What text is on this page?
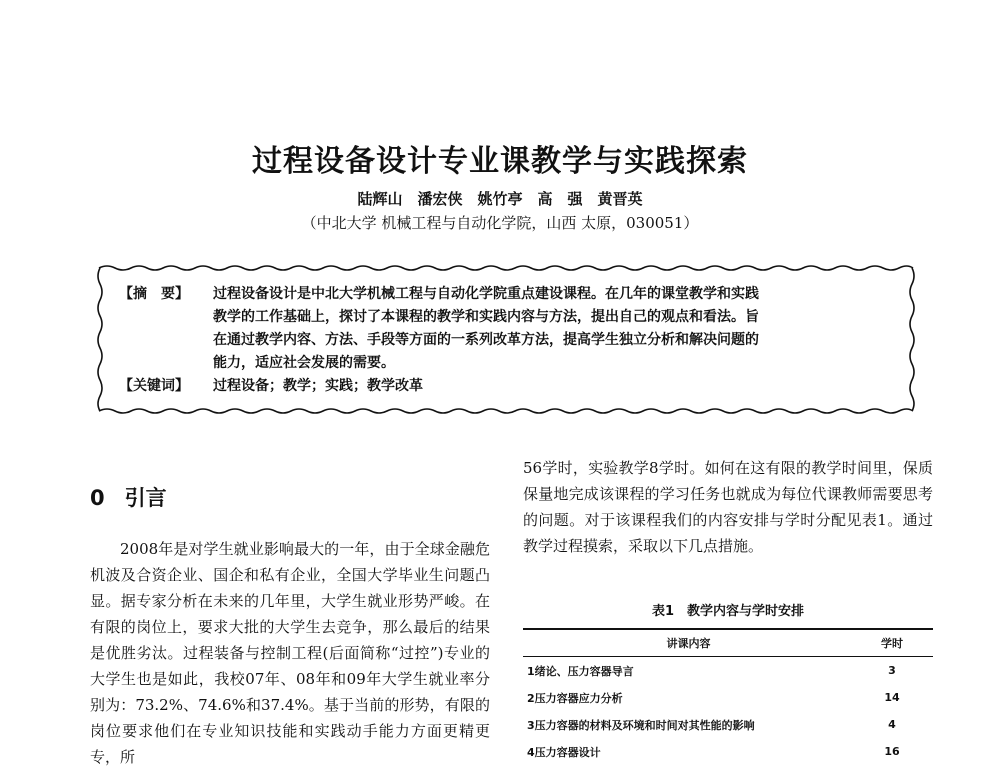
过程设备设计专业课教学与实践探索
陆辉山　潘宏侠　姚竹亭　高　强　黄晋英
（中北大学 机械工程与自动化学院，山西 太原，030051）
【摘　要】 过程设备设计是中北大学机械工程与自动化学院重点建设课程。在几年的课堂教学和实践
教学的工作基础上，探讨了本课程的教学和实践内容与方法，提出自己的观点和看法。旨
在通过教学内容、方法、手段等方面的一系列改革方法，提高学生独立分析和解决问题的
能力，适应社会发展的需要。
【关键词】 过程设备；教学；实践；教学改革
0 引言
2008年是对学生就业影响最大的一年，由于全球金融危机波及合资企业、国企和私有企业，全国大学毕业生问题凸显。据专家分析在未来的几年里，大学生就业形势严峻。在有限的岗位上，要求大批的大学生去竞争，那么最后的结果是优胜劣汰。过程装备与控制工程(后面简称“过控”)专业的大学生也是如此，我校07年、08年和09年大学生就业率分别为：73.2%、74.6%和37.4%。基于当前的形势，有限的岗位要求他们在专业知识技能和实践动手能力方面更精更专，所
56学时，实验教学8学时。如何在这有限的教学时间里，保质保量地完成该课程的学习任务也就成为每位代课教师需要思考的问题。对于该课程我们的内容安排与学时分配见表1。通过教学过程摸索，采取以下几点措施。
表1　教学内容与学时安排
讲课内容	学时
1绪论、压力容器导言	3
2压力容器应力分析	14
3压力容器的材料及环境和时间对其性能的影响	4
4压力容器设计	16
